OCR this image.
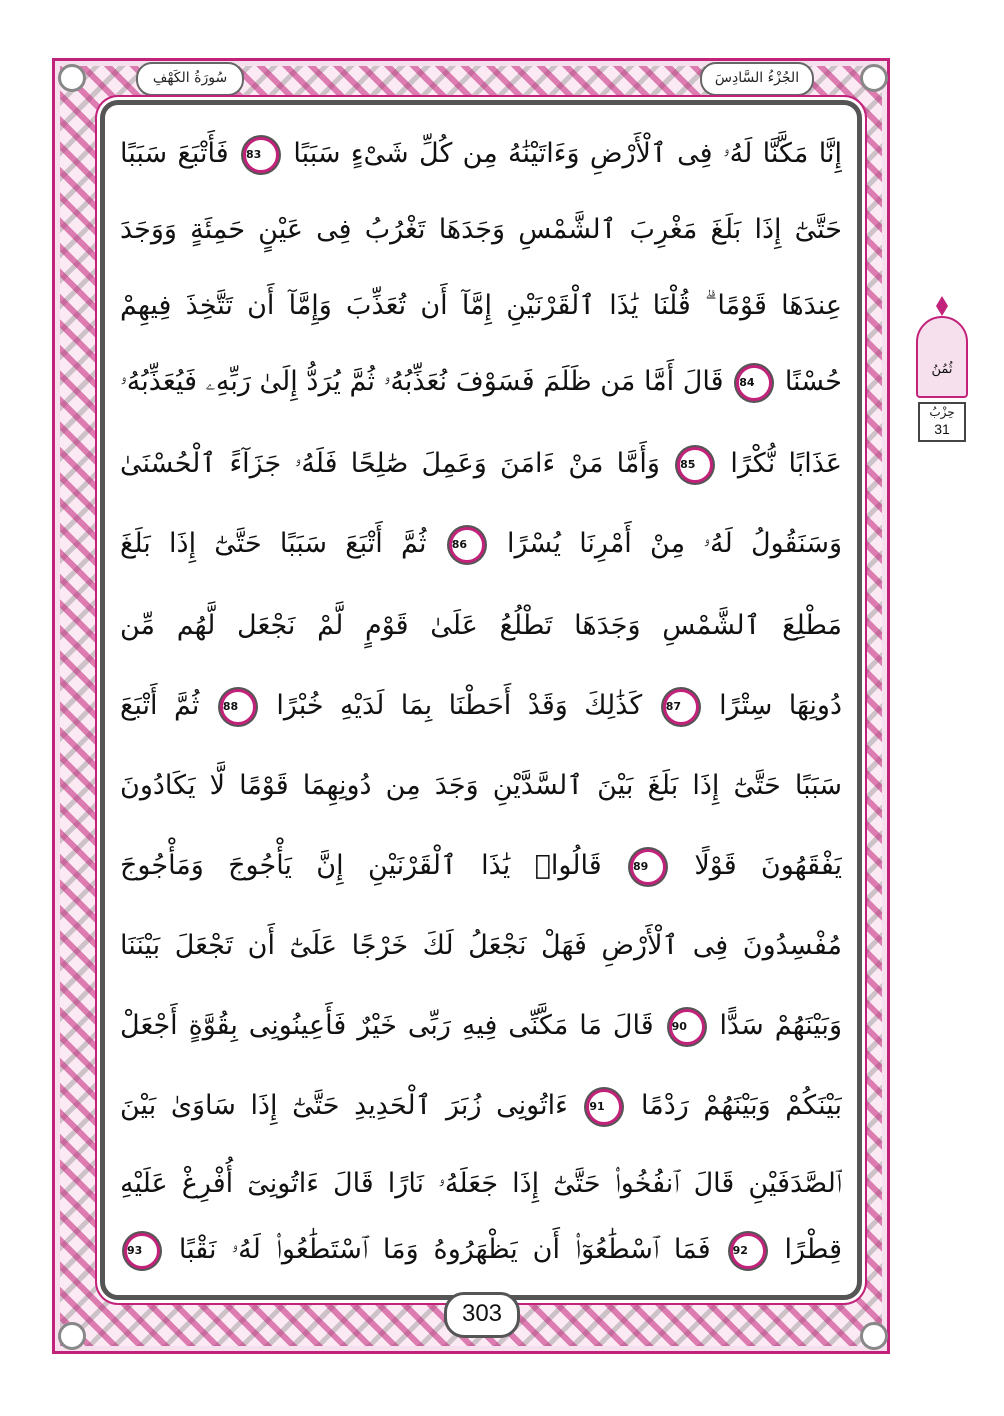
الجُزْءُ السَّادِسَ
سُورَةُ الكَهْفِ
إِنَّا مَكَّنَّا لَهُۥ فِى ٱلْأَرْضِ وَءَاتَيْنَٰهُ مِن كُلِّ شَىْءٍ سَبَبًا 83 فَأَتْبَعَ سَبَبًا
حَتَّىٰٓ إِذَا بَلَغَ مَغْرِبَ ٱلشَّمْسِ وَجَدَهَا تَغْرُبُ فِى عَيْنٍ حَمِئَةٍ وَوَجَدَ
عِندَهَا قَوْمًا ۗ قُلْنَا يَٰذَا ٱلْقَرْنَيْنِ إِمَّآ أَن تُعَذِّبَ وَإِمَّآ أَن تَتَّخِذَ فِيهِمْ
حُسْنًا 84 قَالَ أَمَّا مَن ظَلَمَ فَسَوْفَ نُعَذِّبُهُۥ ثُمَّ يُرَدُّ إِلَىٰ رَبِّهِۦ فَيُعَذِّبُهُۥ
عَذَابًا نُّكْرًا 85 وَأَمَّا مَنْ ءَامَنَ وَعَمِلَ صَٰلِحًا فَلَهُۥ جَزَآءً ٱلْحُسْنَىٰ
وَسَنَقُولُ لَهُۥ مِنْ أَمْرِنَا يُسْرًا 86 ثُمَّ أَتْبَعَ سَبَبًا حَتَّىٰٓ إِذَا بَلَغَ
مَطْلِعَ ٱلشَّمْسِ وَجَدَهَا تَطْلُعُ عَلَىٰ قَوْمٍ لَّمْ نَجْعَل لَّهُم مِّن
دُونِهَا سِتْرًا 87 كَذَٰلِكَ وَقَدْ أَحَطْنَا بِمَا لَدَيْهِ خُبْرًا 88 ثُمَّ أَتْبَعَ
سَبَبًا حَتَّىٰٓ إِذَا بَلَغَ بَيْنَ ٱلسَّدَّيْنِ وَجَدَ مِن دُونِهِمَا قَوْمًا لَّا يَكَادُونَ
يَفْقَهُونَ قَوْلًا 89 قَالُوا۟ يَٰذَا ٱلْقَرْنَيْنِ إِنَّ يَأْجُوجَ وَمَأْجُوجَ
مُفْسِدُونَ فِى ٱلْأَرْضِ فَهَلْ نَجْعَلُ لَكَ خَرْجًا عَلَىٰٓ أَن تَجْعَلَ بَيْنَنَا
وَبَيْنَهُمْ سَدًّا 90 قَالَ مَا مَكَّنِّى فِيهِ رَبِّى خَيْرٌ فَأَعِينُونِى بِقُوَّةٍ أَجْعَلْ
بَيْنَكُمْ وَبَيْنَهُمْ رَدْمًا 91 ءَاتُونِى زُبَرَ ٱلْحَدِيدِ حَتَّىٰٓ إِذَا سَاوَىٰ بَيْنَ
ٱلصَّدَفَيْنِ قَالَ ٱنفُخُوا۟ حَتَّىٰٓ إِذَا جَعَلَهُۥ نَارًا قَالَ ءَاتُونِىٓ أُفْرِغْ عَلَيْهِ
قِطْرًا 92 فَمَا ٱسْطَٰعُوٓا۟ أَن يَظْهَرُوهُ وَمَا ٱسْتَطَٰعُوا۟ لَهُۥ نَقْبًا 93
303
ثُمُنُ
حِزْبُ
31
